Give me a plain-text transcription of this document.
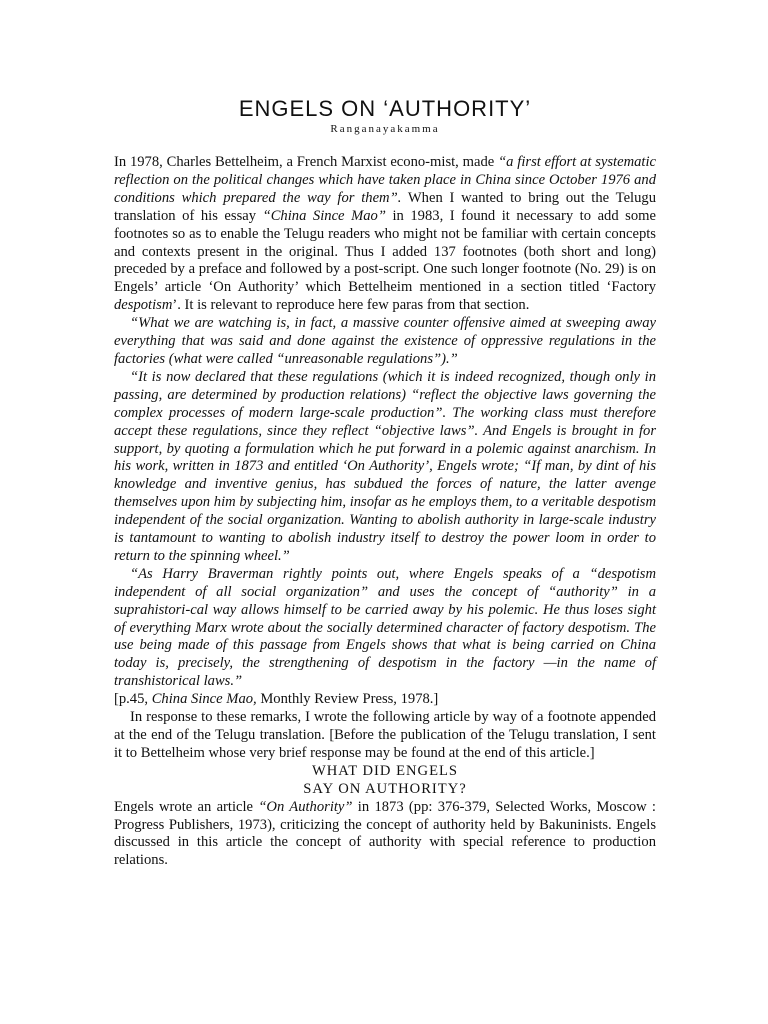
ENGELS ON ‘AUTHORITY’
Ranganayakamma

In 1978, Charles Bettelheim, a French Marxist econo-mist, made “a first effort at systematic reflection on the political changes which have taken place in China since October 1976 and conditions which prepared the way for them”. When I wanted to bring out the Telugu translation of his essay “China Since Mao” in 1983, I found it necessary to add some footnotes so as to enable the Telugu readers who might not be familiar with certain concepts and contexts present in the original. Thus I added 137 footnotes (both short and long) preceded by a preface and followed by a post-script. One such longer footnote (No. 29) is on Engels’ article ‘On Authority’ which Bettelheim mentioned in a section titled ‘Factory despotism’. It is relevant to reproduce here few paras from that section.

“What we are watching is, in fact, a massive counter offensive aimed at sweeping away everything that was said and done against the existence of oppressive regulations in the factories (what were called “unreasonable regulations”).”

“It is now declared that these regulations (which it is indeed recognized, though only in passing, are determined by production relations) “reflect the objective laws governing the complex processes of modern large-scale production”. The working class must therefore accept these regulations, since they reflect “objective laws”. And Engels is brought in for support, by quoting a formulation which he put forward in a polemic against anarchism. In his work, written in 1873 and entitled ‘On Authority’, Engels wrote; “If man, by dint of his knowledge and inventive genius, has subdued the forces of nature, the latter avenge themselves upon him by subjecting him, insofar as he employs them, to a veritable despotism independent of the social organization. Wanting to abolish authority in large-scale industry is tantamount to wanting to abolish industry itself to destroy the power loom in order to return to the spinning wheel.”

“As Harry Braverman rightly points out, where Engels speaks of a “despotism independent of all social organization” and uses the concept of “authority” in a suprahistori-cal way allows himself to be carried away by his polemic. He thus loses sight of everything Marx wrote about the socially determined character of factory despotism. The use being made of this passage from Engels shows that what is being carried on China today is, precisely, the strengthening of despotism in the factory —in the name of transhistorical laws.”

[p.45, China Since Mao, Monthly Review Press, 1978.]

In response to these remarks, I wrote the following article by way of a footnote appended at the end of the Telugu translation. [Before the publication of the Telugu translation, I sent it to Bettelheim whose very brief response may be found at the end of this article.]

WHAT DID ENGELS
SAY ON AUTHORITY?

Engels wrote an article “On Authority” in 1873 (pp: 376-379, Selected Works, Moscow : Progress Publishers, 1973), criticizing the concept of authority held by Bakuninists. Engels discussed in this article the concept of authority with special reference to production relations.
